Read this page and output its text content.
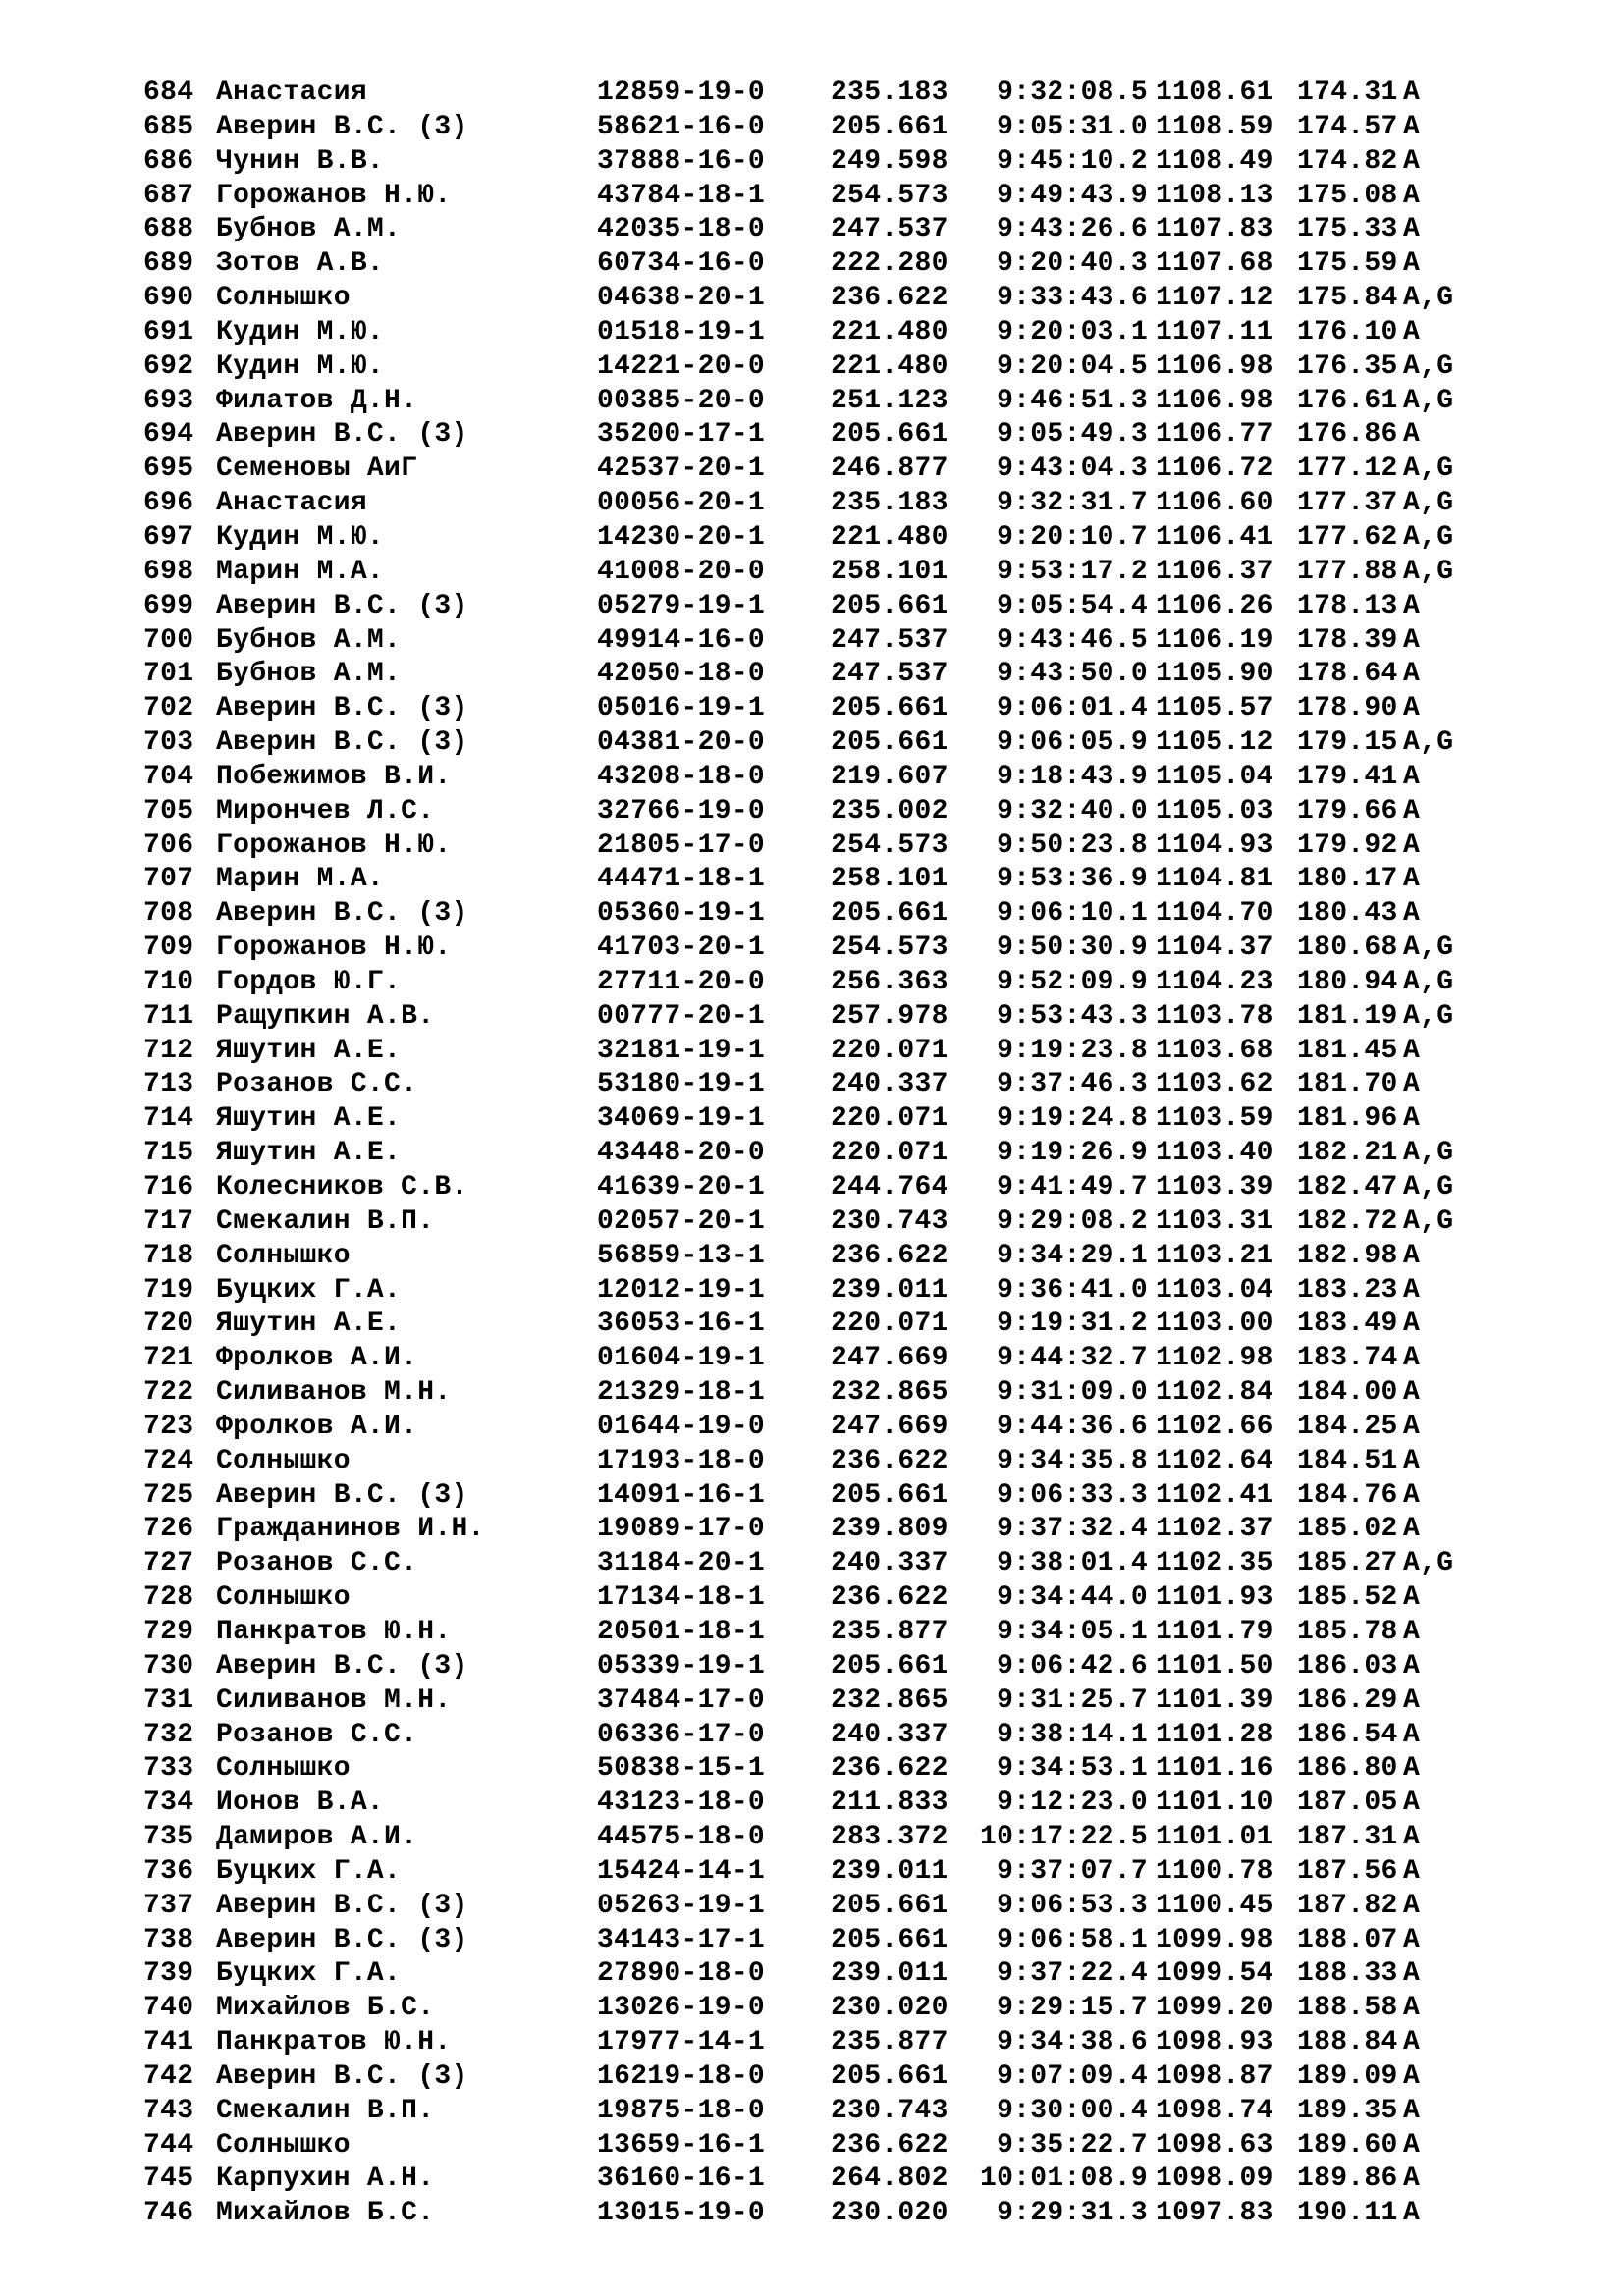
684 Анастасия	12859-19-0 235.183 9:32:08.5 1108.61 174.31 A
685 Аверин В.С. (3)	58621-16-0 205.661 9:05:31.0 1108.59 174.57 A
686 Чунин В.В.	37888-16-0 249.598 9:45:10.2 1108.49 174.82 A
687 Горожанов Н.Ю.	43784-18-1 254.573 9:49:43.9 1108.13 175.08 A
688 Бубнов А.М.	42035-18-0 247.537 9:43:26.6 1107.83 175.33 A
689 Зотов А.В.	60734-16-0 222.280 9:20:40.3 1107.68 175.59 A
690 Солнышко	04638-20-1 236.622 9:33:43.6 1107.12 175.84 A,G
691 Кудин М.Ю.	01518-19-1 221.480 9:20:03.1 1107.11 176.10 A
692 Кудин М.Ю.	14221-20-0 221.480 9:20:04.5 1106.98 176.35 A,G
693 Филатов Д.Н.	00385-20-0 251.123 9:46:51.3 1106.98 176.61 A,G
694 Аверин В.С. (3)	35200-17-1 205.661 9:05:49.3 1106.77 176.86 A
695 Семеновы АиГ	42537-20-1 246.877 9:43:04.3 1106.72 177.12 A,G
696 Анастасия	00056-20-1 235.183 9:32:31.7 1106.60 177.37 A,G
697 Кудин М.Ю.	14230-20-1 221.480 9:20:10.7 1106.41 177.62 A,G
698 Марин М.А.	41008-20-0 258.101 9:53:17.2 1106.37 177.88 A,G
699 Аверин В.С. (3)	05279-19-1 205.661 9:05:54.4 1106.26 178.13 A
700 Бубнов А.М.	49914-16-0 247.537 9:43:46.5 1106.19 178.39 A
701 Бубнов А.М.	42050-18-0 247.537 9:43:50.0 1105.90 178.64 A
702 Аверин В.С. (3)	05016-19-1 205.661 9:06:01.4 1105.57 178.90 A
703 Аверин В.С. (3)	04381-20-0 205.661 9:06:05.9 1105.12 179.15 A,G
704 Побежимов В.И.	43208-18-0 219.607 9:18:43.9 1105.04 179.41 A
705 Мирончев Л.С.	32766-19-0 235.002 9:32:40.0 1105.03 179.66 A
706 Горожанов Н.Ю.	21805-17-0 254.573 9:50:23.8 1104.93 179.92 A
707 Марин М.А.	44471-18-1 258.101 9:53:36.9 1104.81 180.17 A
708 Аверин В.С. (3)	05360-19-1 205.661 9:06:10.1 1104.70 180.43 A
709 Горожанов Н.Ю.	41703-20-1 254.573 9:50:30.9 1104.37 180.68 A,G
710 Гордов Ю.Г.	27711-20-0 256.363 9:52:09.9 1104.23 180.94 A,G
711 Ращупкин А.В.	00777-20-1 257.978 9:53:43.3 1103.78 181.19 A,G
712 Яшутин А.Е.	32181-19-1 220.071 9:19:23.8 1103.68 181.45 A
713 Розанов С.С.	53180-19-1 240.337 9:37:46.3 1103.62 181.70 A
714 Яшутин А.Е.	34069-19-1 220.071 9:19:24.8 1103.59 181.96 A
715 Яшутин А.Е.	43448-20-0 220.071 9:19:26.9 1103.40 182.21 A,G
716 Колесников С.В.	41639-20-1 244.764 9:41:49.7 1103.39 182.47 A,G
717 Смекалин В.П.	02057-20-1 230.743 9:29:08.2 1103.31 182.72 A,G
718 Солнышко	56859-13-1 236.622 9:34:29.1 1103.21 182.98 A
719 Буцких Г.А.	12012-19-1 239.011 9:36:41.0 1103.04 183.23 A
720 Яшутин А.Е.	36053-16-1 220.071 9:19:31.2 1103.00 183.49 A
721 Фролков А.И.	01604-19-1 247.669 9:44:32.7 1102.98 183.74 A
722 Силиванов М.Н.	21329-18-1 232.865 9:31:09.0 1102.84 184.00 A
723 Фролков А.И.	01644-19-0 247.669 9:44:36.6 1102.66 184.25 A
724 Солнышко	17193-18-0 236.622 9:34:35.8 1102.64 184.51 A
725 Аверин В.С. (3)	14091-16-1 205.661 9:06:33.3 1102.41 184.76 A
726 Гражданинов И.Н.	19089-17-0 239.809 9:37:32.4 1102.37 185.02 A
727 Розанов С.С.	31184-20-1 240.337 9:38:01.4 1102.35 185.27 A,G
728 Солнышко	17134-18-1 236.622 9:34:44.0 1101.93 185.52 A
729 Панкратов Ю.Н.	20501-18-1 235.877 9:34:05.1 1101.79 185.78 A
730 Аверин В.С. (3)	05339-19-1 205.661 9:06:42.6 1101.50 186.03 A
731 Силиванов М.Н.	37484-17-0 232.865 9:31:25.7 1101.39 186.29 A
732 Розанов С.С.	06336-17-0 240.337 9:38:14.1 1101.28 186.54 A
733 Солнышко	50838-15-1 236.622 9:34:53.1 1101.16 186.80 A
734 Ионов В.А.	43123-18-0 211.833 9:12:23.0 1101.10 187.05 A
735 Дамиров А.И.	44575-18-0 283.372 10:17:22.5 1101.01 187.31 A
736 Буцких Г.А.	15424-14-1 239.011 9:37:07.7 1100.78 187.56 A
737 Аверин В.С. (3)	05263-19-1 205.661 9:06:53.3 1100.45 187.82 A
738 Аверин В.С. (3)	34143-17-1 205.661 9:06:58.1 1099.98 188.07 A
739 Буцких Г.А.	27890-18-0 239.011 9:37:22.4 1099.54 188.33 A
740 Михайлов Б.С.	13026-19-0 230.020 9:29:15.7 1099.20 188.58 A
741 Панкратов Ю.Н.	17977-14-1 235.877 9:34:38.6 1098.93 188.84 A
742 Аверин В.С. (3)	16219-18-0 205.661 9:07:09.4 1098.87 189.09 A
743 Смекалин В.П.	19875-18-0 230.743 9:30:00.4 1098.74 189.35 A
744 Солнышко	13659-16-1 236.622 9:35:22.7 1098.63 189.60 A
745 Карпухин А.Н.	36160-16-1 264.802 10:01:08.9 1098.09 189.86 A
746 Михайлов Б.С.	13015-19-0 230.020 9:29:31.3 1097.83 190.11 A
